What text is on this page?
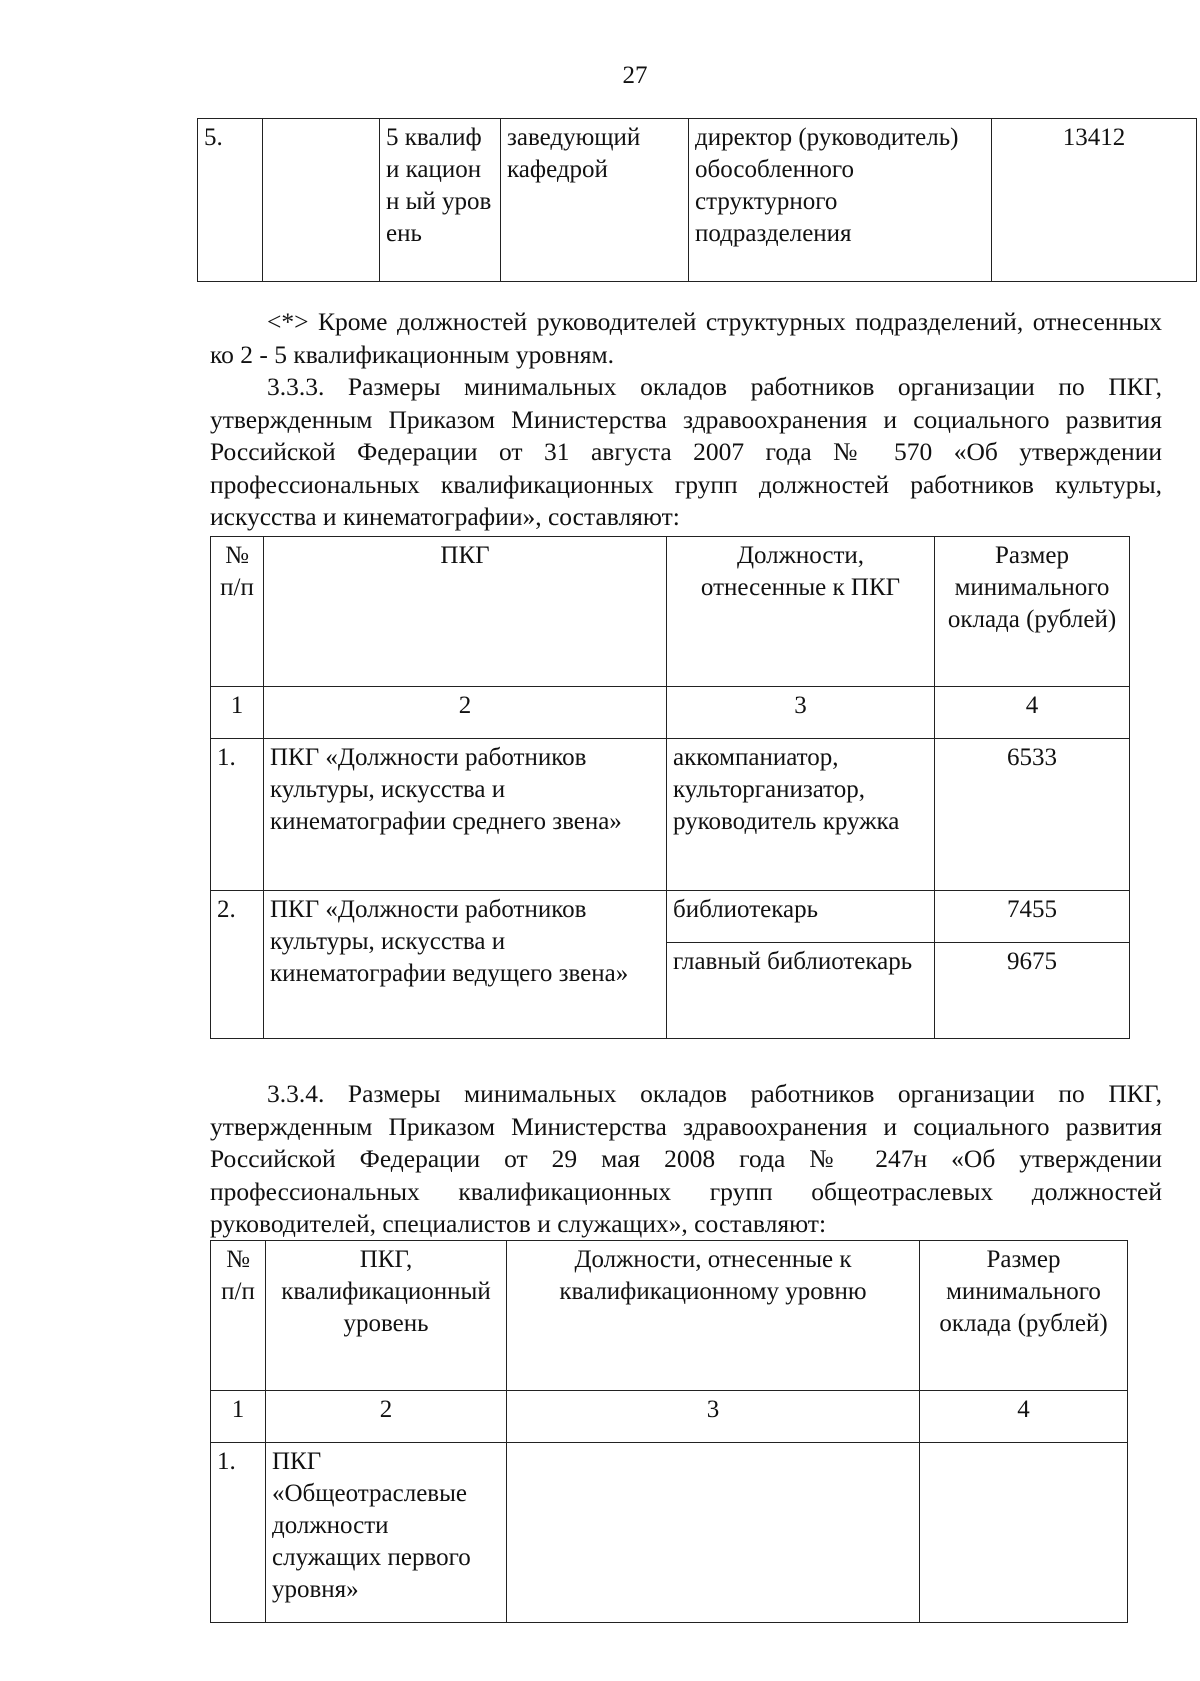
27
5.		5 квалифи кационн ый уровень	заведующий кафедрой	директор (руководитель) обособленного структурного подразделения	13412
<*> Кроме должностей руководителей структурных подразделений, отнесенных ко 2 - 5 квалификационным уровням.
3.3.3. Размеры минимальных окладов работников организации по ПКГ, утвержденным Приказом Министерства здравоохранения и социального развития Российской Федерации от 31 августа 2007 года № 570 «Об утверждении профессиональных квалификационных групп должностей работников культуры, искусства и кинематографии», составляют:
№ п/п	ПКГ	Должности, отнесенные к ПКГ	Размер минимального оклада (рублей)
1	2	3	4
1.	ПКГ «Должности работников культуры, искусства и кинематографии среднего звена»	аккомпаниатор, культорганизатор, руководитель кружка	6533
2.	ПКГ «Должности работников культуры, искусства и кинематографии ведущего звена»	библиотекарь	7455
		главный библиотекарь	9675
3.3.4. Размеры минимальных окладов работников организации по ПКГ, утвержденным Приказом Министерства здравоохранения и социального развития Российской Федерации от 29 мая 2008 года № 247н «Об утверждении профессиональных квалификационных групп общеотраслевых должностей руководителей, специалистов и служащих», составляют:
№ п/п	ПКГ, квалификационный уровень	Должности, отнесенные к квалификационному уровню	Размер минимального оклада (рублей)
1	2	3	4
1.	ПКГ «Общеотраслевые должности служащих первого уровня»		
